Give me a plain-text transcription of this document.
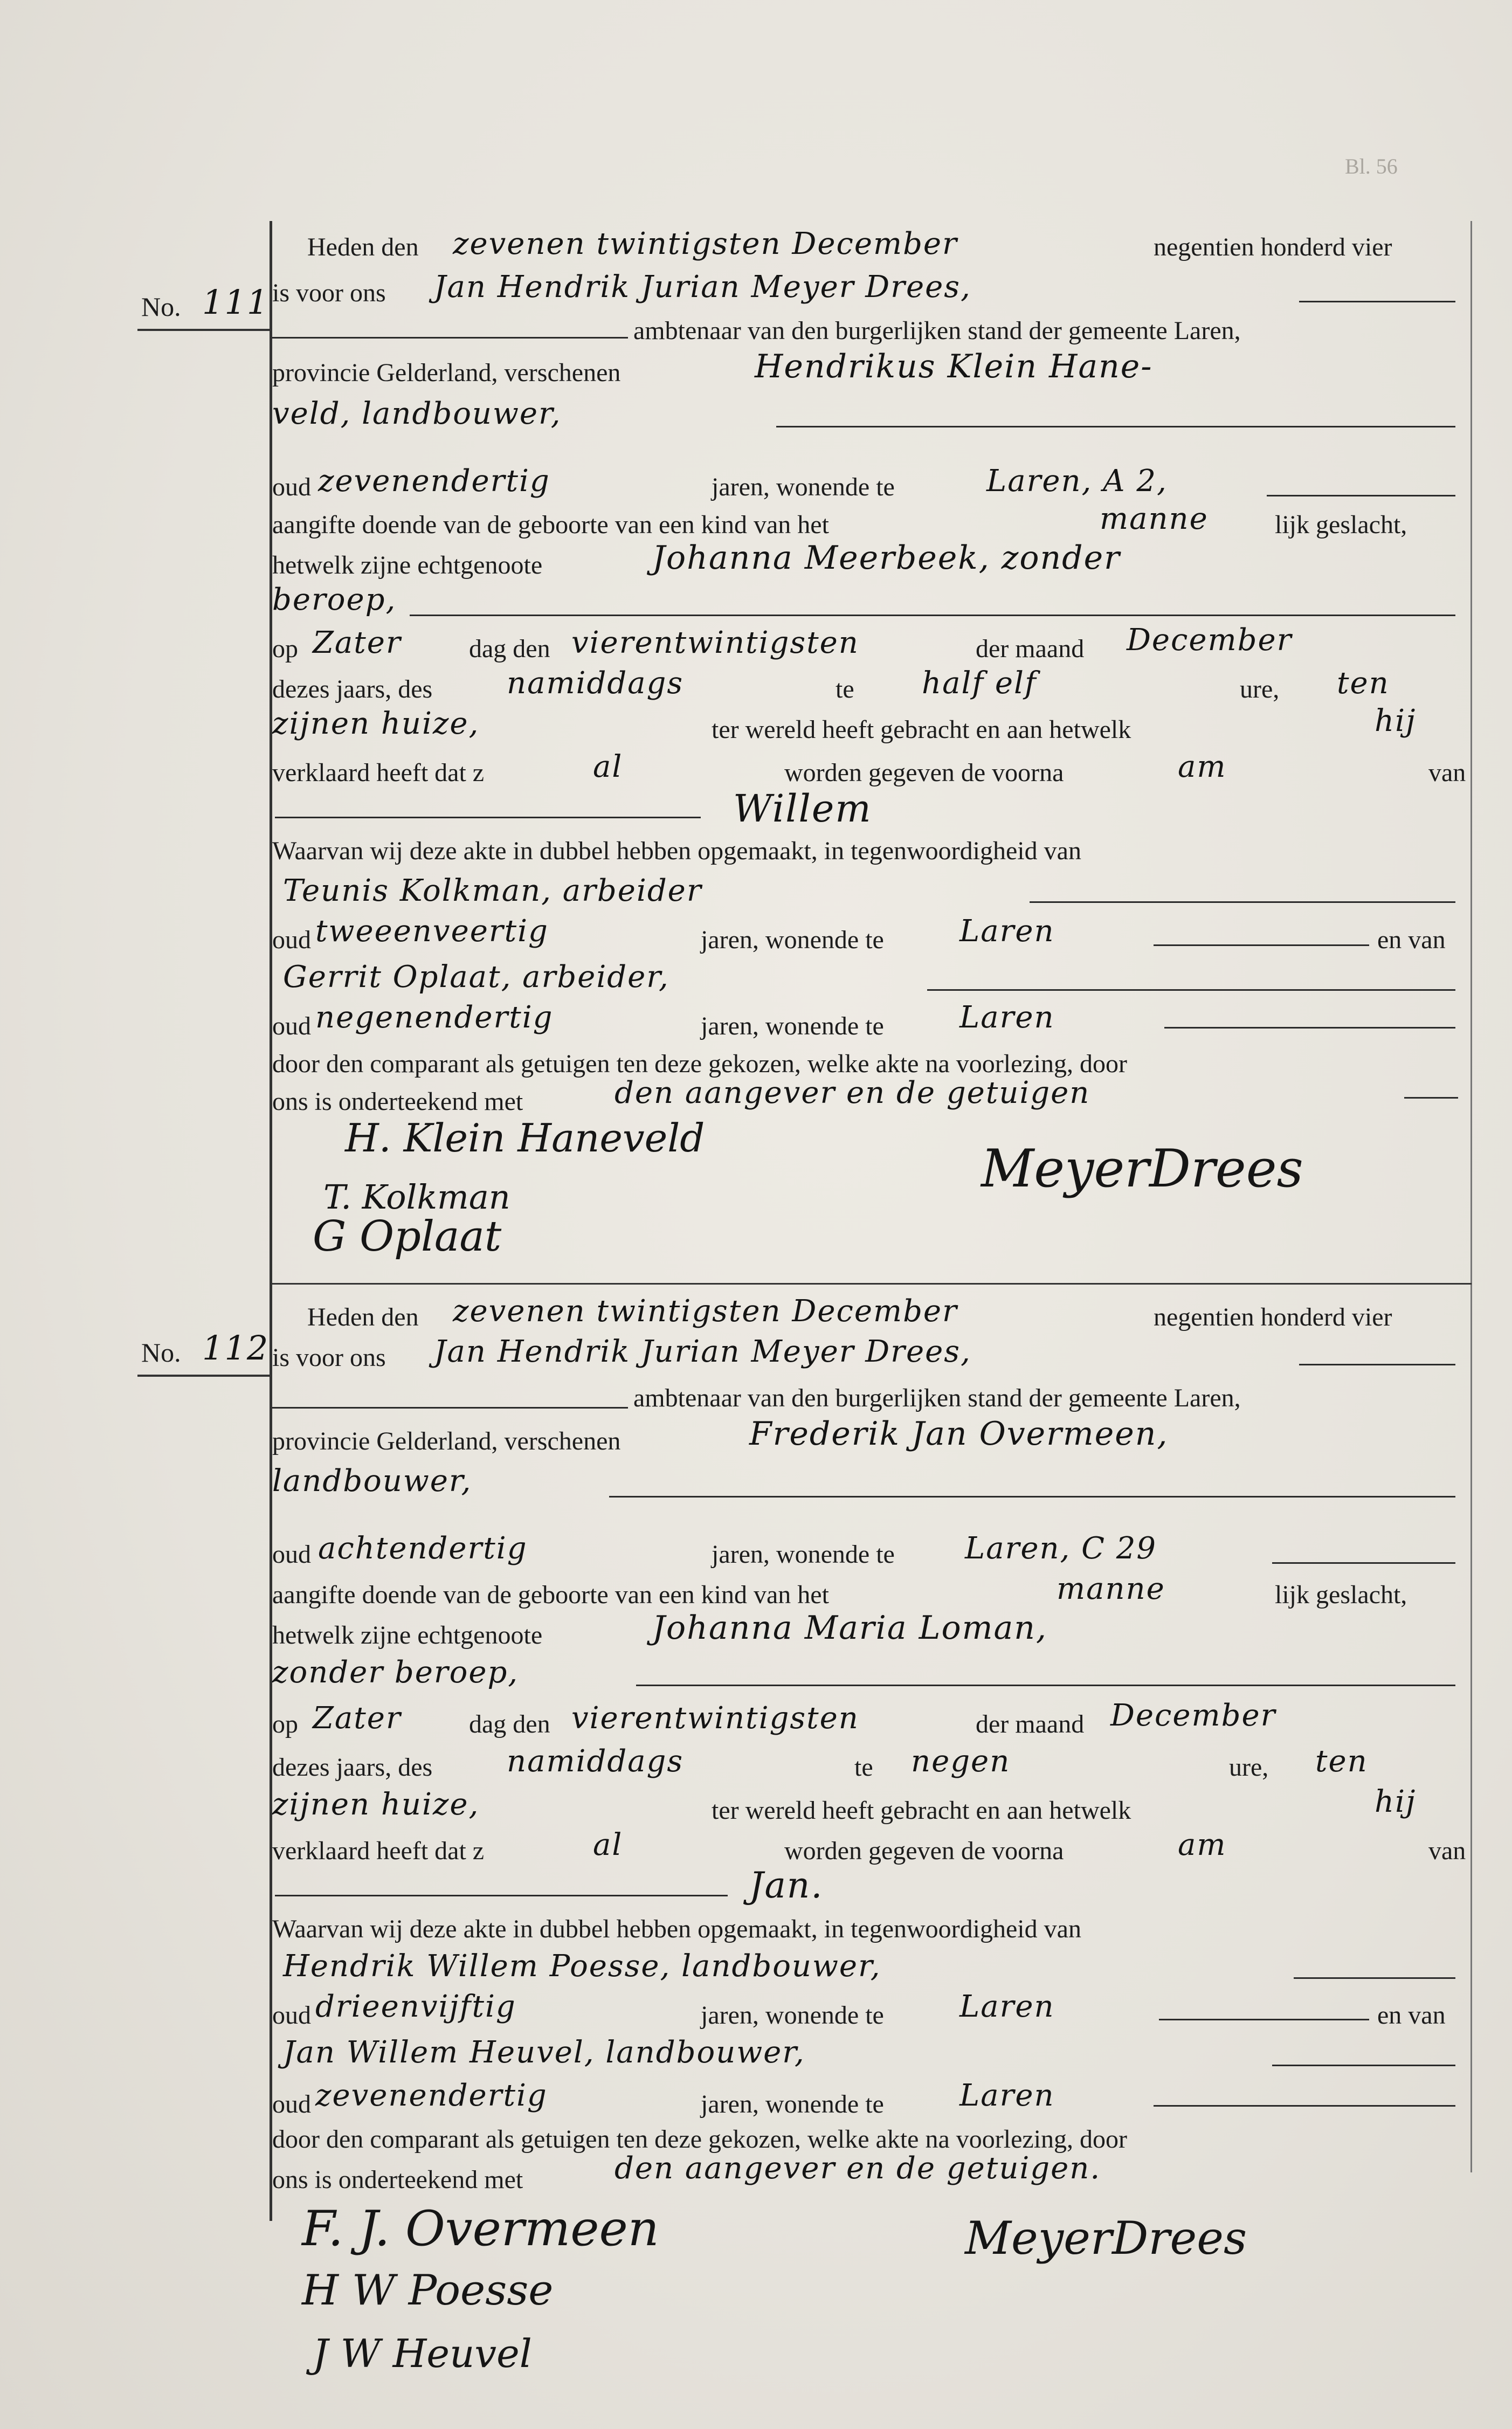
Bl. 56
No. 111
Heden den zevenen twintigsten December	negentien honderd vier
is voor ons Jan Hendrik Jurian Meyer Drees,
ambtenaar van den burgerlijken stand der gemeente Laren,
provincie Gelderland, verschenen	Hendrikus Klein Hane-
veld, landbouwer,
oud zevenendertig	jaren, wonende te	Laren, A 2,
aangifte doende van de geboorte van een kind van het	manne	lijk geslacht,
hetwelk zijne echtgenoote	Johanna Meerbeek, zonder
beroep,
op Zater	dag den vierentwintigsten	der maand December
dezes jaars, des namiddags	te half elf	ure, ten
zijnen huize,	ter wereld heeft gebracht en aan hetwelk	hij
verklaard heeft dat z	al	worden gegeven de voorna	am	van
Willem
Waarvan wij deze akte in dubbel hebben opgemaakt, in tegenwoordigheid van
Teunis Kolkman, arbeider
oud tweeenveertig	jaren, wonende te	Laren	en van
Gerrit Oplaat, arbeider,
oud negenendertig	jaren, wonende te	Laren
door den comparant als getuigen ten deze gekozen, welke akte na voorlezing, door
ons is onderteekend met	den aangever en de getuigen
H. Klein Haneveld
MeyerDrees
T. Kolkman
G Oplaat
No. 112
Heden den zevenen twintigsten December	negentien honderd vier
is voor ons Jan Hendrik Jurian Meyer Drees,
ambtenaar van den burgerlijken stand der gemeente Laren,
provincie Gelderland, verschenen	Frederik Jan Overmeen,
landbouwer,
oud achtendertig	jaren, wonende te Laren, C 29
aangifte doende van de geboorte van een kind van het	manne	lijk geslacht,
hetwelk zijne echtgenoote	Johanna Maria Loman,
zonder beroep,
op Zater	dag den vierentwintigsten	der maand December
dezes jaars, des namiddags	te negen	ure, ten
zijnen huize,	ter wereld heeft gebracht en aan hetwelk	hij
verklaard heeft dat z	al	worden gegeven de voorna	am	van
Jan.
Waarvan wij deze akte in dubbel hebben opgemaakt, in tegenwoordigheid van
Hendrik Willem Poesse, landbouwer,
oud drieenvijftig	jaren, wonende te	Laren	en van
Jan Willem Heuvel, landbouwer,
oud zevenendertig	jaren, wonende te	Laren
door den comparant als getuigen ten deze gekozen, welke akte na voorlezing, door
ons is onderteekend met	den aangever en de getuigen.
F. J. Overmeen	MeyerDrees
H W Poesse
J W Heuvel
